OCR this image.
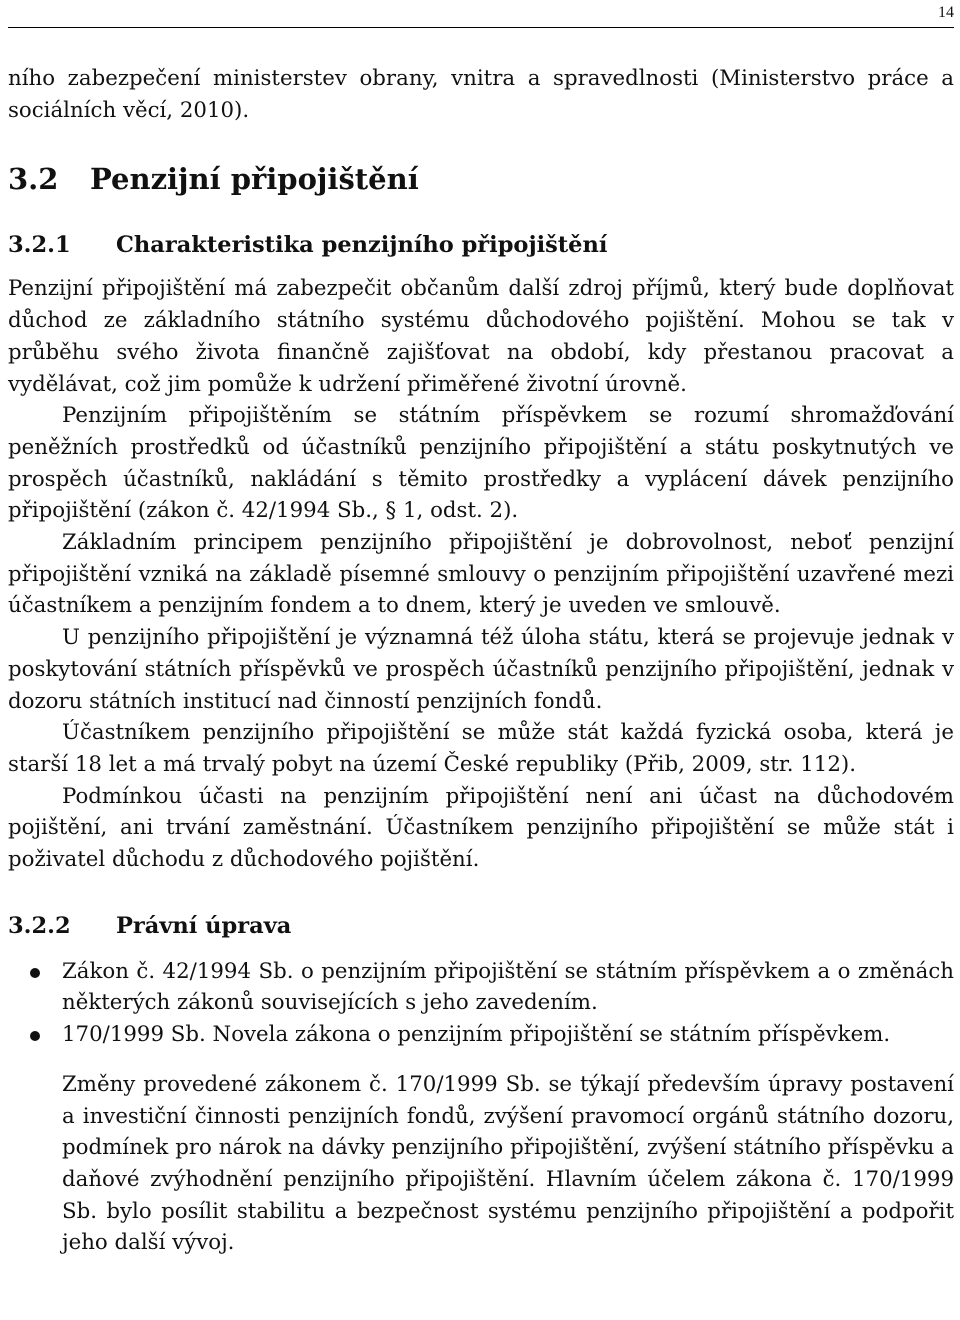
14

ního zabezpečení ministerstev obrany, vnitra a spravedlnosti (Ministerstvo práce a sociálních věcí, 2010).

3.2	Penzijní připojištění
3.2.1	Charakteristika penzijního připojištění

Penzijní připojištění má zabezpečit občanům další zdroj příjmů, který bude doplňovat důchod ze základního státního systému důchodového pojištění. Mohou se tak v průběhu svého života finančně zajišťovat na období, kdy přestanou pracovat a vydělávat, což jim pomůže k udržení přiměřené životní úrovně.

Penzijním připojištěním se státním příspěvkem se rozumí shromažďování peněžních prostředků od účastníků penzijního připojištění a státu poskytnutých ve prospěch účastníků, nakládání s těmito prostředky a vyplácení dávek penzijního připojištění (zákon č. 42/1994 Sb., § 1, odst. 2).

Základním principem penzijního připojištění je dobrovolnost, neboť penzijní připojištění vzniká na základě písemné smlouvy o penzijním připojištění uzavřené mezi účastníkem a penzijním fondem a to dnem, který je uveden ve smlouvě.

U penzijního připojištění je významná též úloha státu, která se projevuje jednak v poskytování státních příspěvků ve prospěch účastníků penzijního připojištění, jednak v dozoru státních institucí nad činností penzijních fondů.

Účastníkem penzijního připojištění se může stát každá fyzická osoba, která je starší 18 let a má trvalý pobyt na území České republiky (Přib, 2009, str. 112).

Podmínkou účasti na penzijním připojištění není ani účast na důchodovém pojištění, ani trvání zaměstnání. Účastníkem penzijního připojištění se může stát i poživatel důchodu z důchodového pojištění.

3.2.2	Právní úprava
Zákon č. 42/1994 Sb. o penzijním připojištění se státním příspěvkem a o změnách některých zákonů souvisejících s jeho zavedením.
170/1999 Sb. Novela zákona o penzijním připojištění se státním příspěvkem.

Změny provedené zákonem č. 170/1999 Sb. se týkají především úpravy postavení a investiční činnosti penzijních fondů, zvýšení pravomocí orgánů státního dozoru, podmínek pro nárok na dávky penzijního připojištění, zvýšení státního příspěvku a daňové zvýhodnění penzijního připojištění. Hlavním účelem zákona č. 170/1999 Sb. bylo posílit stabilitu a bezpečnost systému penzijního připojištění a podpořit jeho další vývoj.
